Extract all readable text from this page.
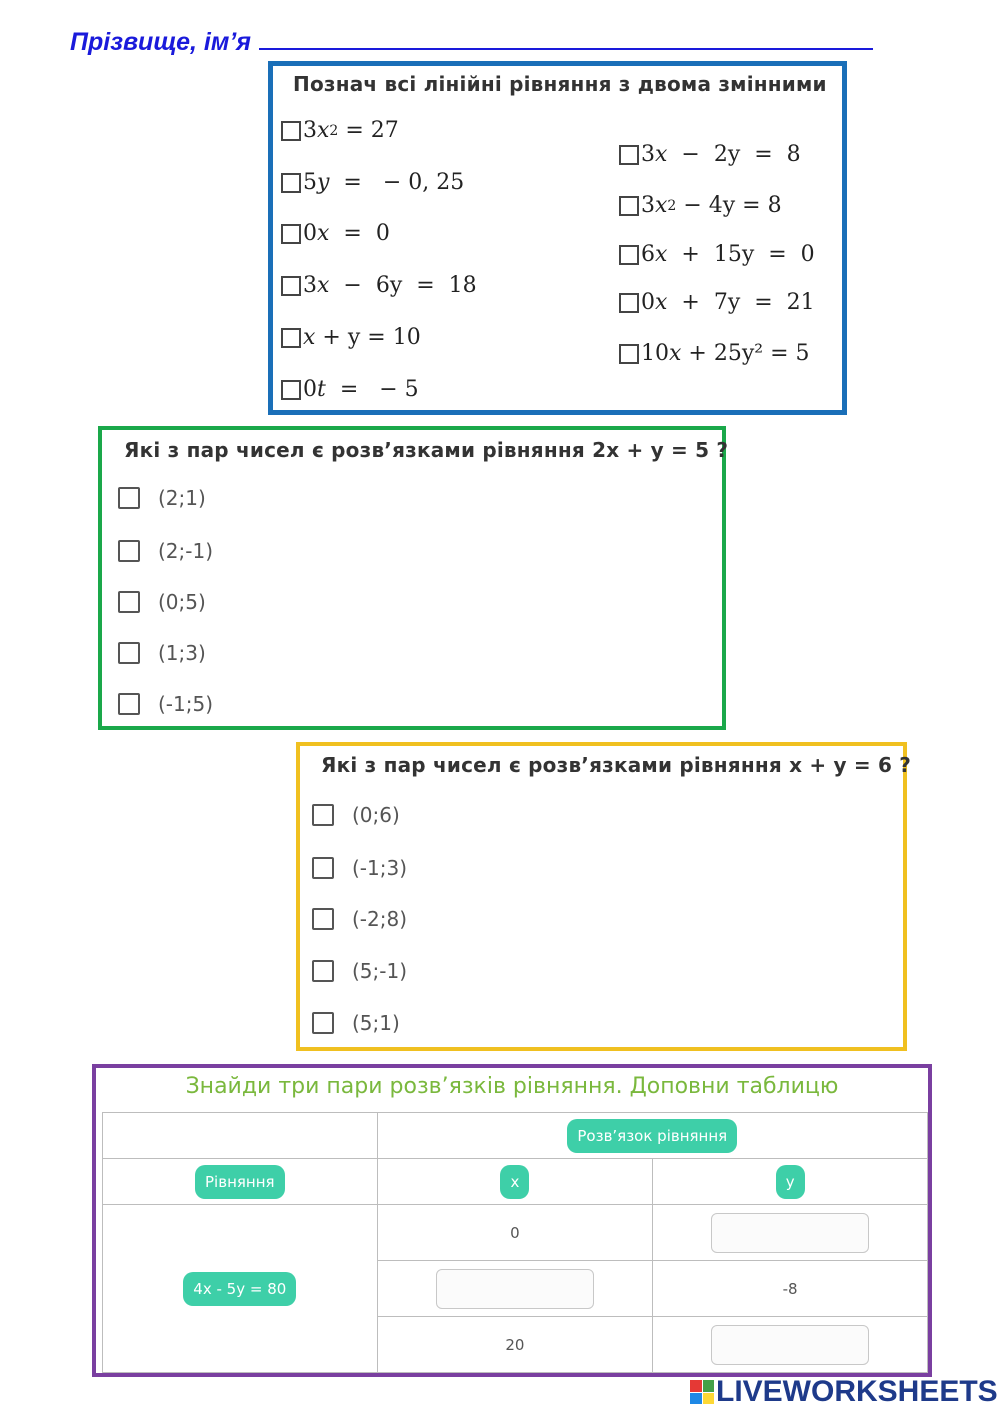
Прізвище, ім’я
Познач всі лінійні рівняння з двома змінними
3 x 2 = 27
5 y =   − 0, 25
0 x =  0
3 x −  6y  =  18
x + y = 10
0 t =   − 5
3 x −  2y  =  8
3 x 2 − 4y = 8
6 x +  15y  =  0
0 x +  7y  =  21
10 x + 25y² = 5
Які з пар чисел є розв’язками рівняння 2x + y = 5 ?
(2;1)
(2;-1)
(0;5)
(1;3)
(-1;5)
Які з пар чисел є розв’язками рівняння x + y = 6 ?
(0;6)
(-1;3)
(-2;8)
(5;-1)
(5;1)
Знайди три пари розв’язків рівняння. Доповни таблицю
	Розв’язок рівняння	
Рівняння	x	y
4x - 5y = 80	0	
		-8
	20	
LIVEWORKSHEETS
